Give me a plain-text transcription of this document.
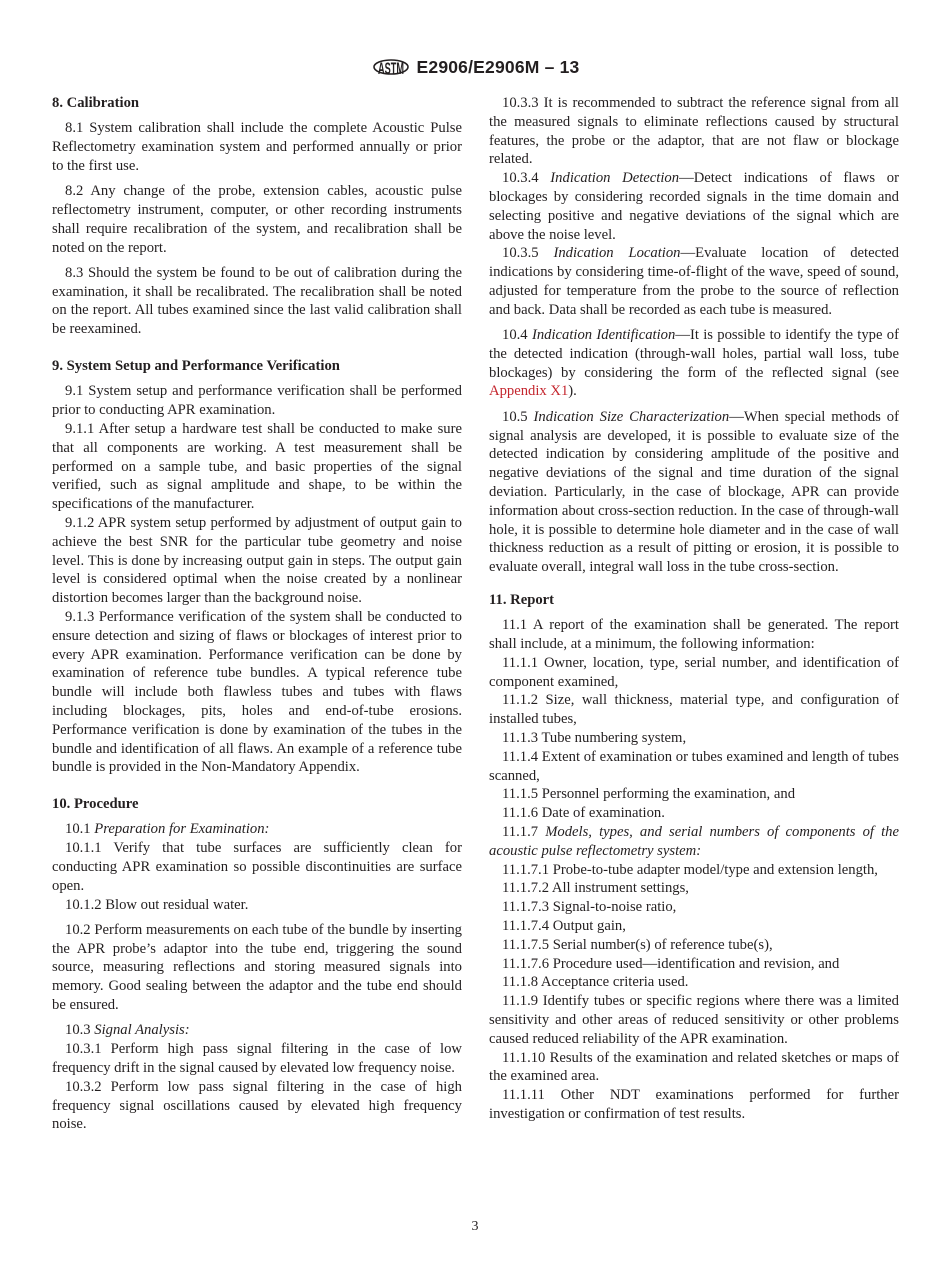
ASTM E2906/E2906M – 13
8. Calibration

8.1 System calibration shall include the complete Acoustic Pulse Reflectometry examination system and performed annually or prior to the first use.

8.2 Any change of the probe, extension cables, acoustic pulse reflectometry instrument, computer, or other recording instruments shall require recalibration of the system, and recalibration shall be noted on the report.

8.3 Should the system be found to be out of calibration during the examination, it shall be recalibrated. The recalibration shall be noted on the report. All tubes examined since the last valid calibration shall be reexamined.

9. System Setup and Performance Verification

9.1 System setup and performance verification shall be performed prior to conducting APR examination.

9.1.1 After setup a hardware test shall be conducted to make sure that all components are working. A test measurement shall be performed on a sample tube, and basic properties of the signal verified, such as signal amplitude and shape, to be within the specifications of the manufacturer.

9.1.2 APR system setup performed by adjustment of output gain to achieve the best SNR for the particular tube geometry and noise level. This is done by increasing output gain in steps. The output gain level is considered optimal when the noise created by a nonlinear distortion becomes larger than the background noise.

9.1.3 Performance verification of the system shall be conducted to ensure detection and sizing of flaws or blockages of interest prior to every APR examination. Performance verification can be done by examination of reference tube bundles. A typical reference tube bundle will include both flawless tubes and tubes with flaws including blockages, pits, holes and end-of-tube erosions. Performance verification is done by examination of the tubes in the bundle and identification of all flaws. An example of a reference tube bundle is provided in the Non-Mandatory Appendix.

10. Procedure

10.1 Preparation for Examination:

10.1.1 Verify that tube surfaces are sufficiently clean for conducting APR examination so possible discontinuities are surface open.

10.1.2 Blow out residual water.

10.2 Perform measurements on each tube of the bundle by inserting the APR probe’s adaptor into the tube end, triggering the sound source, measuring reflections and storing measured signals into memory. Good sealing between the adaptor and the tube end should be ensured.

10.3 Signal Analysis:

10.3.1 Perform high pass signal filtering in the case of low frequency drift in the signal caused by elevated low frequency noise.

10.3.2 Perform low pass signal filtering in the case of high frequency signal oscillations caused by elevated high frequency noise.

10.3.3 It is recommended to subtract the reference signal from all the measured signals to eliminate reflections caused by structural features, the probe or the adaptor, that are not flaw or blockage related.

10.3.4 Indication Detection—Detect indications of flaws or blockages by considering recorded signals in the time domain and selecting positive and negative deviations of the signal which are above the noise level.

10.3.5 Indication Location—Evaluate location of detected indications by considering time-of-flight of the wave, speed of sound, adjusted for temperature from the probe to the source of reflection and back. Data shall be recorded as each tube is measured.

10.4 Indication Identification—It is possible to identify the type of the detected indication (through-wall holes, partial wall loss, tube blockages) by considering the form of the reflected signal (see Appendix X1).

10.5 Indication Size Characterization—When special methods of signal analysis are developed, it is possible to evaluate size of the detected indication by considering amplitude of the positive and negative deviations of the signal and time duration of the signal deviation. Particularly, in the case of blockage, APR can provide information about cross-section reduction. In the case of through-wall hole, it is possible to determine hole diameter and in the case of wall thickness reduction as a result of pitting or erosion, it is possible to evaluate overall, integral wall loss in the tube cross-section.

11. Report

11.1 A report of the examination shall be generated. The report shall include, at a minimum, the following information:

11.1.1 Owner, location, type, serial number, and identification of component examined,

11.1.2 Size, wall thickness, material type, and configuration of installed tubes,

11.1.3 Tube numbering system,

11.1.4 Extent of examination or tubes examined and length of tubes scanned,

11.1.5 Personnel performing the examination, and

11.1.6 Date of examination.

11.1.7 Models, types, and serial numbers of components of the acoustic pulse reflectometry system:

11.1.7.1 Probe-to-tube adapter model/type and extension length,

11.1.7.2 All instrument settings,

11.1.7.3 Signal-to-noise ratio,

11.1.7.4 Output gain,

11.1.7.5 Serial number(s) of reference tube(s),

11.1.7.6 Procedure used—identification and revision, and

11.1.8 Acceptance criteria used.

11.1.9 Identify tubes or specific regions where there was a limited sensitivity and other areas of reduced sensitivity or other problems caused reduced reliability of the APR examination.

11.1.10 Results of the examination and related sketches or maps of the examined area.

11.1.11 Other NDT examinations performed for further investigation or confirmation of test results.

3
